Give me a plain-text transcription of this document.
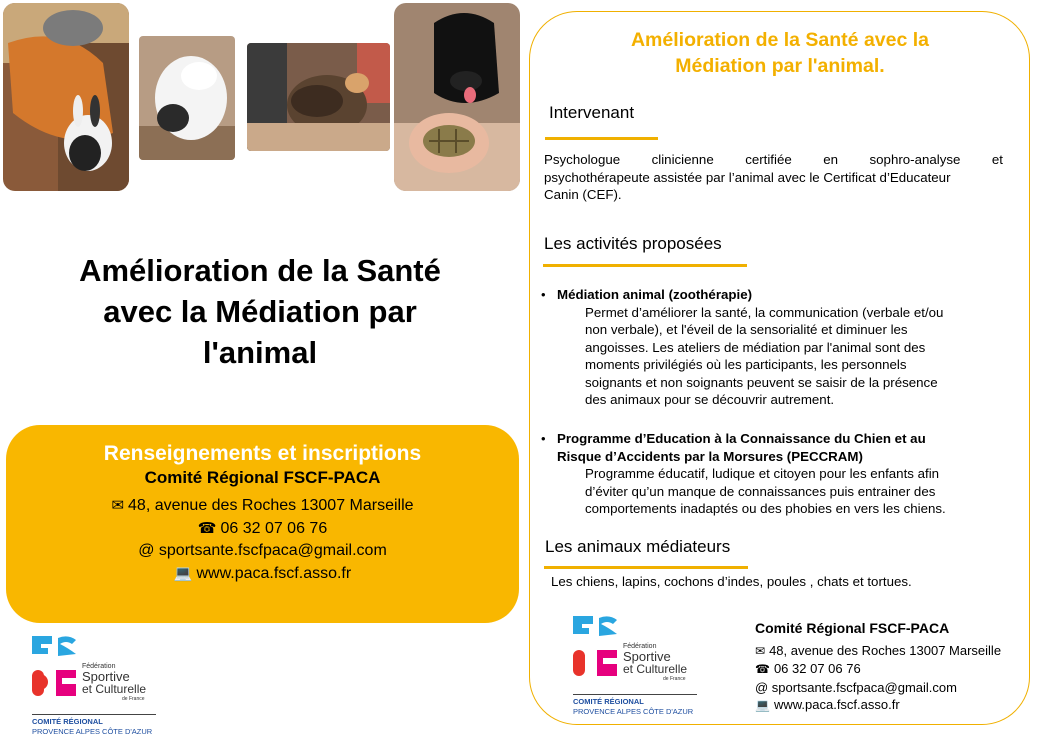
Amélioration de la Santé
avec la Médiation par
l'animal
Renseignements et inscriptions
Comité Régional FSCF-PACA
✉ 48, avenue des Roches 13007 Marseille
☎ 06 32 07 06 76
@ sportsante.fscfpaca@gmail.com
💻 www.paca.fscf.asso.fr
Fédération
Sportive
et Culturelle
de France
COMITÉ RÉGIONAL
PROVENCE ALPES CÔTE D'AZUR
Amélioration de la Santé avec la
Médiation par l'animal.
Intervenant
Psychologue clinicienne certifiée en sophro-analyse et
psychothérapeute assistée par l’animal avec le Certificat d’Educateur
Canin (CEF).
Les activités proposées
• Médiation animal (zoothérapie)
Permet d’améliorer la santé, la communication (verbale et/ou
non verbale), et l'éveil de la sensorialité et diminuer les
angoisses. Les ateliers de médiation par l'animal sont des
moments privilégiés où les participants, les personnels
soignants et non soignants peuvent se saisir de la présence
des animaux pour se découvrir autrement.
• Programme d’Education à la Connaissance du Chien et au
Risque d’Accidents par la Morsures (PECCRAM)
Programme éducatif, ludique et citoyen pour les enfants afin
d’éviter qu’un manque de connaissances puis entrainer des
comportements inadaptés ou des phobies en vers les chiens.
Les animaux médiateurs
Les chiens, lapins, cochons d’indes, poules , chats et tortues.
Fédération
Sportive
et Culturelle
de France
COMITÉ RÉGIONAL
PROVENCE ALPES CÔTE D'AZUR
Comité Régional FSCF-PACA
✉ 48, avenue des Roches 13007 Marseille
☎ 06 32 07 06 76
@ sportsante.fscfpaca@gmail.com
💻 www.paca.fscf.asso.fr
